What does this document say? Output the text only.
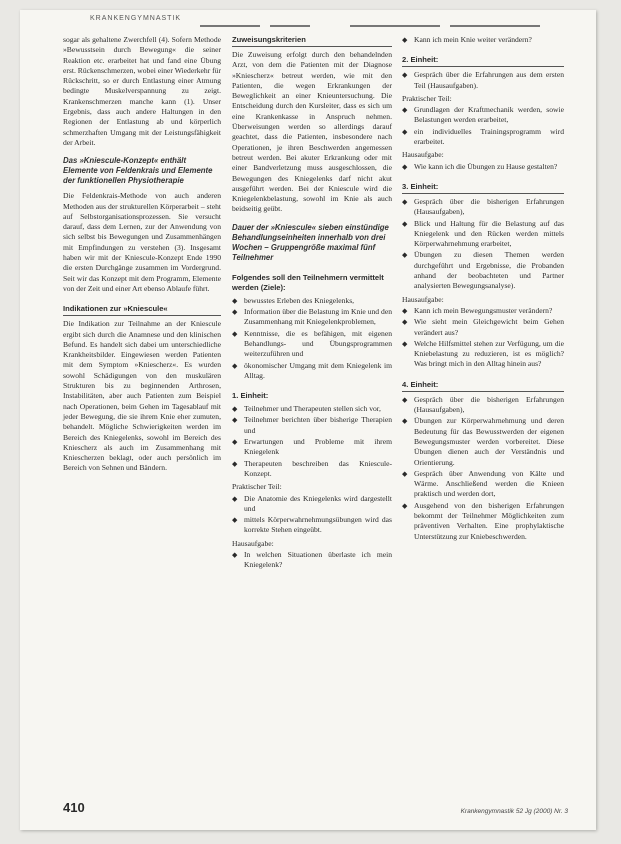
KRANKENGYMNASTIK

sogar als gehaltene Zwerchfell (4). Sofern Methode »Bewusstsein durch Bewegung« die seiner Reaktion etc. erarbeitet hat und fand eine Übung erst. Rückenschmerzen, wobei einer Wiederkehr für Rückschritt, so er durch Entlastung einer Atmung bedingte Muskelverspannung zu zeigt. Krankenschmerzen manche kann (1). Unser Ergebnis, dass auch andere Haltungen in den Regionen der Entlastung ab und körperlich schmerzhaften Umgang mit der Leistungsfähigkeit der Arbeit.

Das »Kniescule-Konzept« enthält Elemente von Feldenkrais und Elemente der funktionellen Physiotherapie

Die Feldenkrais-Methode von auch anderen Methoden aus der strukturellen Körperarbeit – steht auf Selbstorganisationsprozessen. Sie versucht darauf, dass dem Lernen, zur der Anwendung von sich selbst bis Bewegungen und Zusammenhängen mit Empfindungen zu verstehen (3). Insgesamt haben wir mit der Kniescule-Konzept Ende 1990 die ersten Durchgänge zusammen im Vordergrund. Seit wir das Konzept mit dem Programm, Elemente von der Zeit und einer Art ebenso Ablaufe führt.

Indikationen zur »Kniescule«

Die Indikation zur Teilnahme an der Kniescule ergibt sich durch die Anamnese und den klinischen Befund. Es handelt sich dabei um unterschiedliche Krankheitsbilder. Eingewiesen werden Patienten mit dem Symptom »Kniescherz«. Es wurden sowohl Schädigungen von den muskulären Strukturen bis zu beginnenden Arthrosen, Instabilitäten, aber auch Patienten zum Beispiel nach Operationen, beim Gehen im Tagesablauf mit jeder Bewegung, die sie ihrem Knie eher zumuten, behandelt. Mögliche Schwierigkeiten werden im Bereich des Kniegelenks, sowohl im Bereich des Kniescherz als auch im Zusammenhang mit Kniescherzen beklagt, oder auch persönlich im Bereich von Sehnen und Bändern.

Zuweisungskriterien

Die Zuweisung erfolgt durch den behandelnden Arzt, von dem die Patienten mit der Diagnose »Kniescherz« betreut werden, wie mit den Patienten, die wegen Erkrankungen der Beweglichkeit an einer Knieuntersuchung. Die Entscheidung durch den Kursleiter, dass es sich um eine Krankenkasse in Anspruch nehmen. Überweisungen werden so allerdings darauf geachtet, dass die Patienten, insbesondere nach Operationen, je ihren Beschwerden angemessen betreut werden. Bei akuter Erkrankung oder mit einer Bandverletzung muss ausgeschlossen, die Bewegungen des Kniegelenks darf nicht akut ausgeführt werden. Bei der Kniescule wird die Kniegelenkbelastung, sowohl im Knie als auch beidseitig geübt.

Dauer der »Kniescule« sieben einstündige Behandlungseinheiten innerhalb von drei Wochen – Gruppengröße maximal fünf Teilnehmer
Folgendes soll den Teilnehmern vermittelt werden (Ziele):
◆ bewusstes Erleben des Kniegelenks,
◆ Information über die Belastung im Knie und den Zusammenhang mit Kniegelenkproblemen,
◆ Kenntnisse, die es befähigen, mit eigenen Behandlungs- und Übungsprogrammen weiterzuführen und
◆ ökonomischer Umgang mit dem Kniegelenk im Alltag.
1. Einheit:
◆ Teilnehmer und Therapeuten stellen sich vor,
◆ Teilnehmer berichten über bisherige Therapien und
◆ Erwartungen und Probleme mit ihrem Kniegelenk
◆ Therapeuten beschreiben das Kniescule-Konzept.
Praktischer Teil:
◆ Die Anatomie des Kniegelenks wird dargestellt und
◆ mittels Körperwahrnehmungsübungen wird das korrekte Stehen eingeübt.
Hausaufgabe:
◆ In welchen Situationen überlaste ich mein Kniegelenk?
◆ Kann ich mein Knie weiter verändern?
2. Einheit:
◆ Gespräch über die Erfahrungen aus dem ersten Teil (Hausaufgaben).
Praktischer Teil:
◆ Grundlagen der Kraftmechanik werden, sowie Belastungen werden erarbeitet,
◆ ein individuelles Trainingsprogramm wird erarbeitet.
Hausaufgabe:
◆ Wie kann ich die Übungen zu Hause gestalten?
3. Einheit:
◆ Gespräch über die bisherigen Erfahrungen (Hausaufgaben),
◆ Blick und Haltung für die Belastung auf das Kniegelenk und den Rücken werden mittels Körperwahrnehmung erarbeitet,
◆ Übungen zu diesen Themen werden durchgeführt und Ergebnisse, die Probanden anhand der beobachteten und Partner analysierten Bewegungsanalyse).
Hausaufgabe:
◆ Kann ich mein Bewegungsmuster verändern?
◆ Wie sieht mein Gleichgewicht beim Gehen verändert aus?
◆ Welche Hilfsmittel stehen zur Verfügung, um die Kniebelastung zu reduzieren, ist es möglich? Was bringt mich in den Alltag hinein aus?
4. Einheit:
◆ Gespräch über die bisherigen Erfahrungen (Hausaufgaben),
◆ Übungen zur Körperwahrnehmung und deren Bedeutung für das Bewusstwerden der eigenen Bewegungsmuster werden vorbereitet. Diese Übungen dienen auch der Verständnis und Orientierung.
◆ Gespräch über Anwendung von Kälte und Wärme. Anschließend werden die Knieen praktisch und werden dort,
◆ Ausgehend von den bisherigen Erfahrungen bekommt der Teilnehmer Möglichkeiten zum präventiven Verhalten. Eine prophylaktische Unterstützung zur Kniebeschwerden.
410	Krankengymnastik 52 Jg (2000) Nr. 3
